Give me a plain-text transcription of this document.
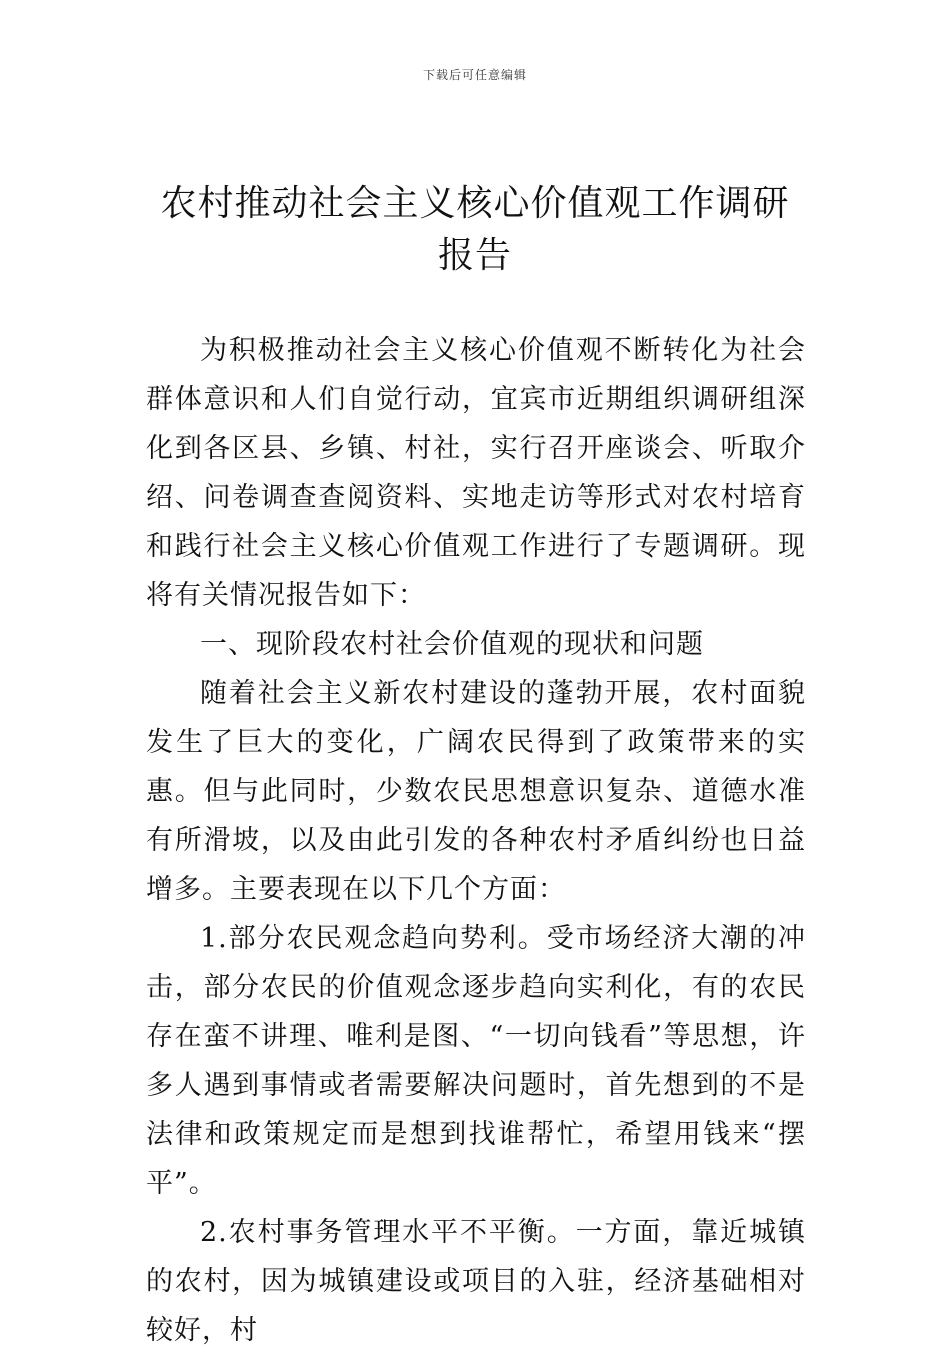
下载后可任意编辑
农村推动社会主义核心价值观工作调研报告

为积极推动社会主义核心价值观不断转化为社会群体意识和人们自觉行动，宜宾市近期组织调研组深化到各区县、乡镇、村社，实行召开座谈会、听取介绍、问卷调查查阅资料、实地走访等形式对农村培育和践行社会主义核心价值观工作进行了专题调研。现将有关情况报告如下：

一、现阶段农村社会价值观的现状和问题

随着社会主义新农村建设的蓬勃开展，农村面貌发生了巨大的变化，广阔农民得到了政策带来的实惠。但与此同时，少数农民思想意识复杂、道德水准有所滑坡，以及由此引发的各种农村矛盾纠纷也日益增多。主要表现在以下几个方面：

1.部分农民观念趋向势利。受市场经济大潮的冲击，部分农民的价值观念逐步趋向实利化，有的农民存在蛮不讲理、唯利是图、“一切向钱看”等思想，许多人遇到事情或者需要解决问题时，首先想到的不是法律和政策规定而是想到找谁帮忙，希望用钱来“摆平”。

2.农村事务管理水平不平衡。一方面，靠近城镇的农村，因为城镇建设或项目的入驻，经济基础相对较好，村
